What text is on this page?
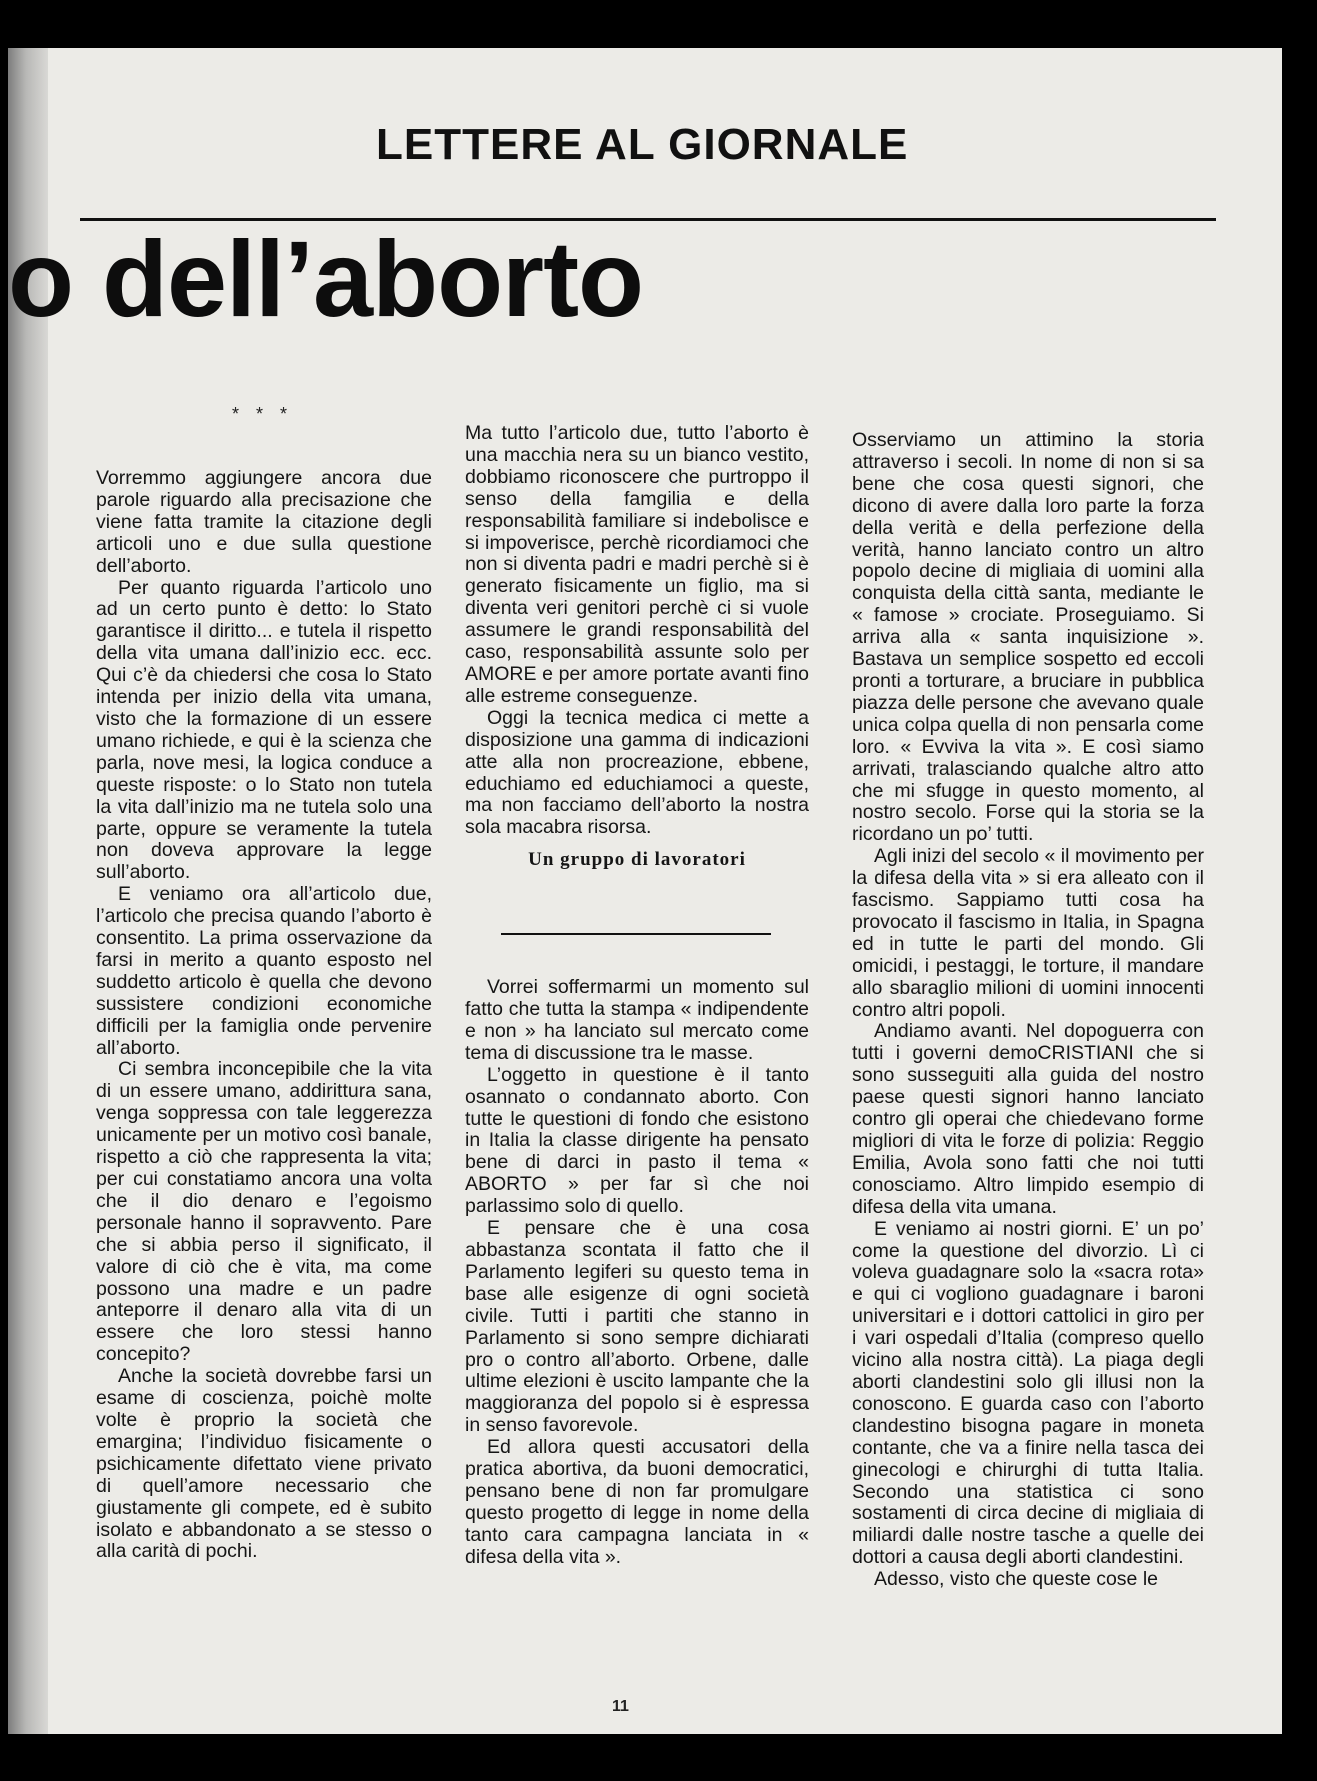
LETTERE AL GIORNALE
o dell’aborto
* * *

Vorremmo aggiungere ancora due parole riguardo alla precisazione che viene fatta tramite la citazione degli articoli uno e due sulla questione dell’aborto.

Per quanto riguarda l’articolo uno ad un certo punto è detto: lo Stato garantisce il diritto... e tutela il rispetto della vita umana dall’inizio ecc. ecc. Qui c’è da chiedersi che cosa lo Stato intenda per inizio della vita umana, visto che la formazione di un essere umano richiede, e qui è la scienza che parla, nove mesi, la logica conduce a queste risposte: o lo Stato non tutela la vita dall’inizio ma ne tutela solo una parte, oppure se veramente la tutela non doveva approvare la legge sull’aborto.

E veniamo ora all’articolo due, l’articolo che precisa quando l’aborto è consentito. La prima osservazione da farsi in merito a quanto esposto nel suddetto articolo è quella che devono sussistere condizioni economiche difficili per la famiglia onde pervenire all’aborto.

Ci sembra inconcepibile che la vita di un essere umano, addirittura sana, venga soppressa con tale leggerezza unicamente per un motivo così banale, rispetto a ciò che rappresenta la vita; per cui constatiamo ancora una volta che il dio denaro e l’egoismo personale hanno il sopravvento. Pare che si abbia perso il significato, il valore di ciò che è vita, ma come possono una madre e un padre anteporre il denaro alla vita di un essere che loro stessi hanno concepito?

Anche la società dovrebbe farsi un esame di coscienza, poichè molte volte è proprio la società che emargina; l’individuo fisicamente o psichicamente difettato viene privato di quell’amore necessario che giustamente gli compete, ed è subito isolato e abbandonato a se stesso o alla carità di pochi.

Ma tutto l’articolo due, tutto l’aborto è una macchia nera su un bianco vestito, dobbiamo riconoscere che purtroppo il senso della famgilia e della responsabilità familiare si indebolisce e si impoverisce, perchè ricordiamoci che non si diventa padri e madri perchè si è generato fisicamente un figlio, ma si diventa veri genitori perchè ci si vuole assumere le grandi responsabilità del caso, responsabilità assunte solo per AMORE e per amore portate avanti fino alle estreme conseguenze.

Oggi la tecnica medica ci mette a disposizione una gamma di indicazioni atte alla non procreazione, ebbene, educhiamo ed educhiamoci a queste, ma non facciamo dell’aborto la nostra sola macabra risorsa.

Un gruppo di lavoratori

Vorrei soffermarmi un momento sul fatto che tutta la stampa « indipendente e non » ha lanciato sul mercato come tema di discussione tra le masse.

L’oggetto in questione è il tanto osannato o condannato aborto. Con tutte le questioni di fondo che esistono in Italia la classe dirigente ha pensato bene di darci in pasto il tema « ABORTO » per far sì che noi parlassimo solo di quello.

E pensare che è una cosa abbastanza scontata il fatto che il Parlamento legiferi su questo tema in base alle esigenze di ogni società civile. Tutti i partiti che stanno in Parlamento si sono sempre dichiarati pro o contro all’aborto. Orbene, dalle ultime elezioni è uscito lampante che la maggioranza del popolo si è espressa in senso favorevole.

Ed allora questi accusatori della pratica abortiva, da buoni democratici, pensano bene di non far promulgare questo progetto di legge in nome della tanto cara campagna lanciata in « difesa della vita ».

Osserviamo un attimino la storia attraverso i secoli. In nome di non si sa bene che cosa questi signori, che dicono di avere dalla loro parte la forza della verità e della perfezione della verità, hanno lanciato contro un altro popolo decine di migliaia di uomini alla conquista della città santa, mediante le « famose » crociate. Proseguiamo. Si arriva alla « santa inquisizione ». Bastava un semplice sospetto ed eccoli pronti a torturare, a bruciare in pubblica piazza delle persone che avevano quale unica colpa quella di non pensarla come loro. « Evviva la vita ». E così siamo arrivati, tralasciando qualche altro atto che mi sfugge in questo momento, al nostro secolo. Forse qui la storia se la ricordano un po’ tutti.

Agli inizi del secolo « il movimento per la difesa della vita » si era alleato con il fascismo. Sappiamo tutti cosa ha provocato il fascismo in Italia, in Spagna ed in tutte le parti del mondo. Gli omicidi, i pestaggi, le torture, il mandare allo sbaraglio milioni di uomini innocenti contro altri popoli.

Andiamo avanti. Nel dopoguerra con tutti i governi demoCRISTIANI che si sono susseguiti alla guida del nostro paese questi signori hanno lanciato contro gli operai che chiedevano forme migliori di vita le forze di polizia: Reggio Emilia, Avola sono fatti che noi tutti conosciamo. Altro limpido esempio di difesa della vita umana.

E veniamo ai nostri giorni. E’ un po’ come la questione del divorzio. Lì ci voleva guadagnare solo la «sacra rota» e qui ci vogliono guadagnare i baroni universitari e i dottori cattolici in giro per i vari ospedali d’Italia (compreso quello vicino alla nostra città). La piaga degli aborti clandestini solo gli illusi non la conoscono. E guarda caso con l’aborto clandestino bisogna pagare in moneta contante, che va a finire nella tasca dei ginecologi e chirurghi di tutta Italia. Secondo una statistica ci sono sostamenti di circa decine di migliaia di miliardi dalle nostre tasche a quelle dei dottori a causa degli aborti clandestini.

Adesso, visto che queste cose le

11
